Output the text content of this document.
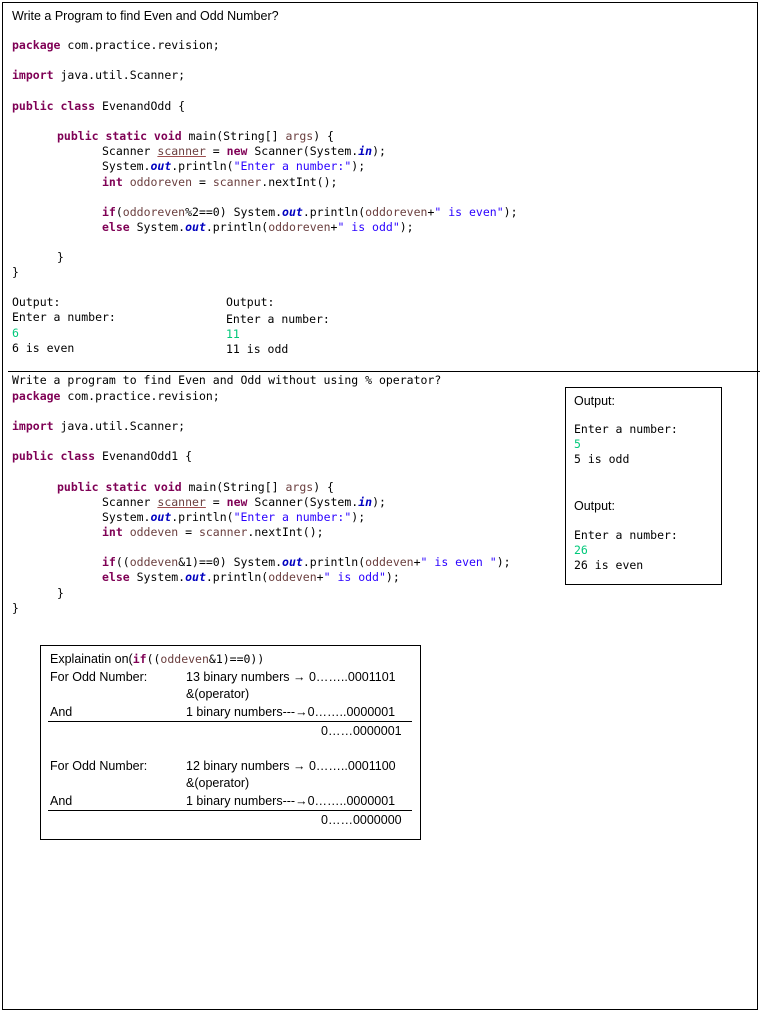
Write a Program to find Even and Odd Number?
package com.practice.revision;
import java.util.Scanner;
public class EvenandOdd {
public static void main(String[] args) {
Scanner scanner = new Scanner(System.in);
System.out.println("Enter a number:");
int oddoreven = scanner.nextInt();
if(oddoreven%2==0) System.out.println(oddoreven+" is even");
else System.out.println(oddoreven+" is odd");
}
}
Output:
Enter a number:
6
6 is even
Output:
Enter a number:
11
11 is odd
Write a program to find Even and Odd without using % operator?
package com.practice.revision;
import java.util.Scanner;
public class EvenandOdd1 {
public static void main(String[] args) {
Scanner scanner = new Scanner(System.in);
System.out.println("Enter a number:");
int oddeven = scanner.nextInt();
if((oddeven&1)==0) System.out.println(oddeven+" is even ");
else System.out.println(oddeven+" is odd");
}
}
Output:
Enter a number:
5
5 is odd
Output:
Enter a number:
26
26 is even
Explainatin on(if((oddeven&1)==0))
For Odd Number:	13 binary numbers → 0……..0001101
&(operator)
And	1 binary numbers---→0……..0000001
0……0000001
For Odd Number:	12 binary numbers → 0……..0001100
&(operator)
And	1 binary numbers---→0……..0000001
0……0000000
